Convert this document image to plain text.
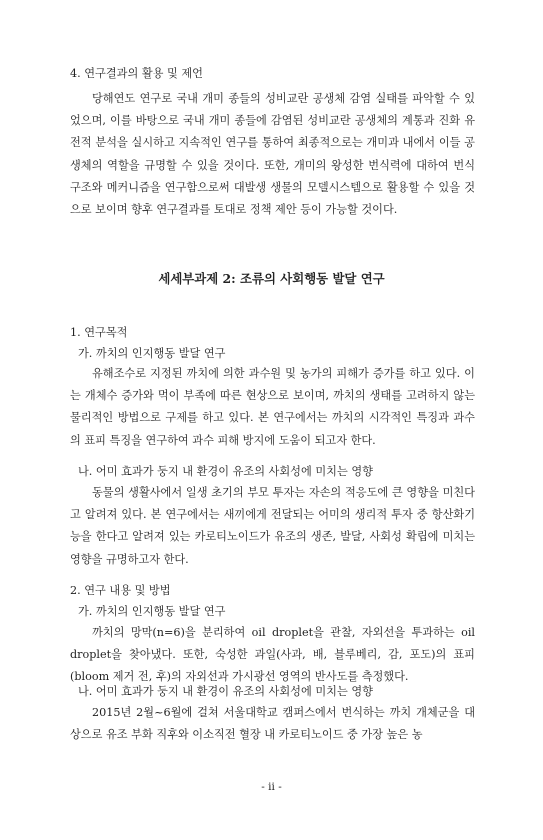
4. 연구결과의 활용 및 제언

당해연도 연구로 국내 개미 종들의 성비교란 공생체 감염 실태를 파악할 수 있었으며, 이를 바탕으로 국내 개미 종들에 감염된 성비교란 공생체의 계통과 진화 유전적 분석을 실시하고 지속적인 연구를 통하여 최종적으로는 개미과 내에서 이들 공생체의 역할을 규명할 수 있을 것이다. 또한, 개미의 왕성한 번식력에 대하여 번식 구조와 메커니즘을 연구함으로써 대발생 생물의 모델시스템으로 활용할 수 있을 것으로 보이며 향후 연구결과를 토대로 정책 제안 등이 가능할 것이다.

세세부과제 2: 조류의 사회행동 발달 연구
1. 연구목적
가. 까치의 인지행동 발달 연구

유해조수로 지정된 까치에 의한 과수원 및 농가의 피해가 증가를 하고 있다. 이는 개체수 증가와 먹이 부족에 따른 현상으로 보이며, 까치의 생태를 고려하지 않는 물리적인 방법으로 구제를 하고 있다. 본 연구에서는 까치의 시각적인 특징과 과수의 표피 특징을 연구하여 과수 피해 방지에 도움이 되고자 한다.

나. 어미 효과가 둥지 내 환경이 유조의 사회성에 미치는 영향

동물의 생활사에서 일생 초기의 부모 투자는 자손의 적응도에 큰 영향을 미친다고 알려져 있다. 본 연구에서는 새끼에게 전달되는 어미의 생리적 투자 중 항산화기능을 한다고 알려져 있는 카로티노이드가 유조의 생존, 발달, 사회성 확립에 미치는 영향을 규명하고자 한다.

2. 연구 내용 및 방법
가. 까치의 인지행동 발달 연구

까치의 망막(n=6)을 분리하여 oil droplet을 관찰, 자외선을 투과하는 oil droplet을 찾아냈다. 또한, 숙성한 과일(사과, 배, 블루베리, 감, 포도)의 표피(bloom 제거 전, 후)의 자외선과 가시광선 영역의 반사도를 측정했다.

나. 어미 효과가 둥지 내 환경이 유조의 사회성에 미치는 영향

2015년 2월~6월에 걸쳐 서울대학교 캠퍼스에서 번식하는 까치 개체군을 대상으로 유조 부화 직후와 이소직전 혈장 내 카로티노이드 중 가장 높은 농

- ii -
